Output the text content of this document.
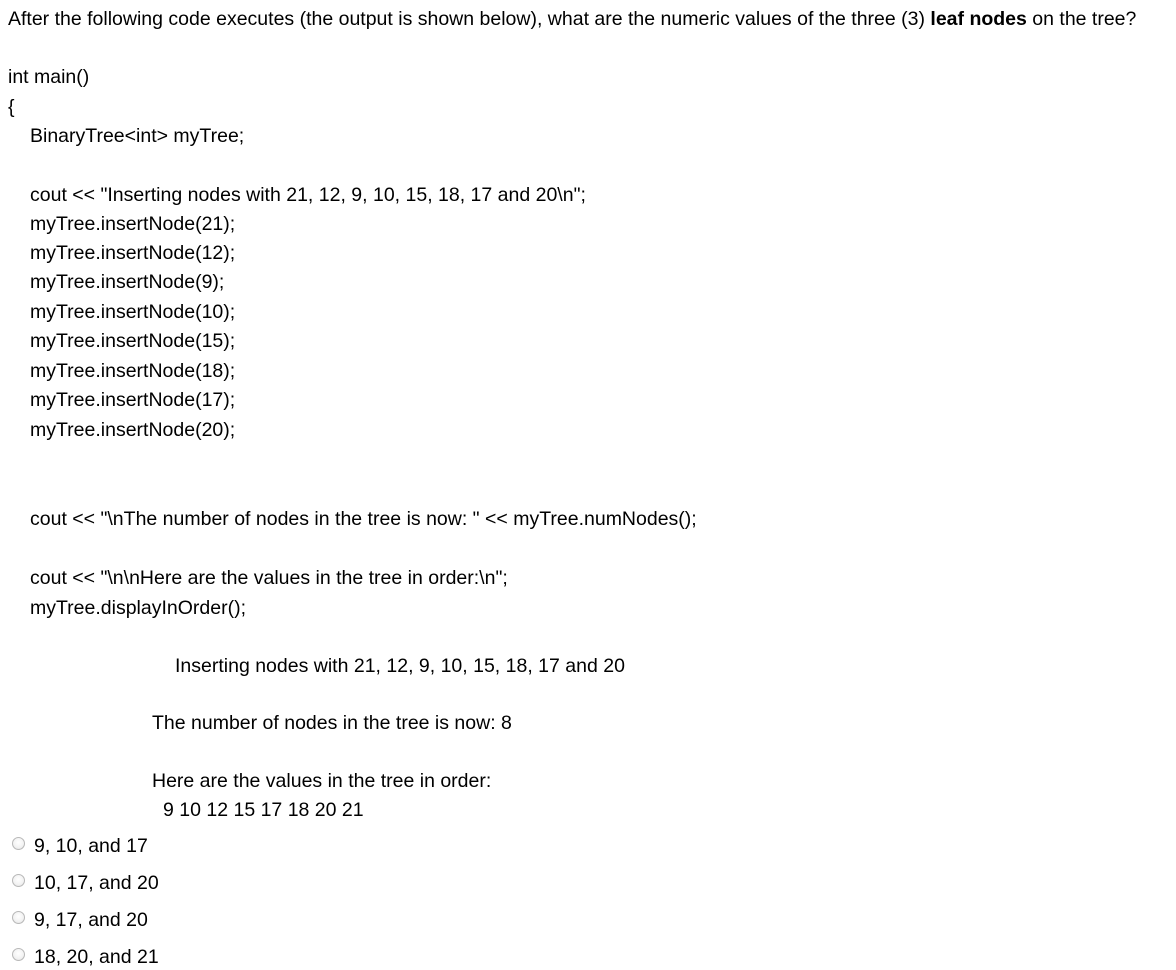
After the following code executes (the output is shown below), what are the numeric values of the three (3) leaf nodes on the tree?
int main()
{
BinaryTree<int> myTree;
cout << "Inserting nodes with 21, 12, 9, 10, 15, 18, 17 and 20\n";
myTree.insertNode(21);
myTree.insertNode(12);
myTree.insertNode(9);
myTree.insertNode(10);
myTree.insertNode(15);
myTree.insertNode(18);
myTree.insertNode(17);
myTree.insertNode(20);
cout << "\nThe number of nodes in the tree is now: " << myTree.numNodes();
cout << "\n\nHere are the values in the tree in order:\n";
myTree.displayInOrder();
Inserting nodes with 21, 12, 9, 10, 15, 18, 17 and 20
The number of nodes in the tree is now: 8
Here are the values in the tree in order:
9 10 12 15 17 18 20 21
9, 10, and 17
10, 17, and 20
9, 17, and 20
18, 20, and 21
